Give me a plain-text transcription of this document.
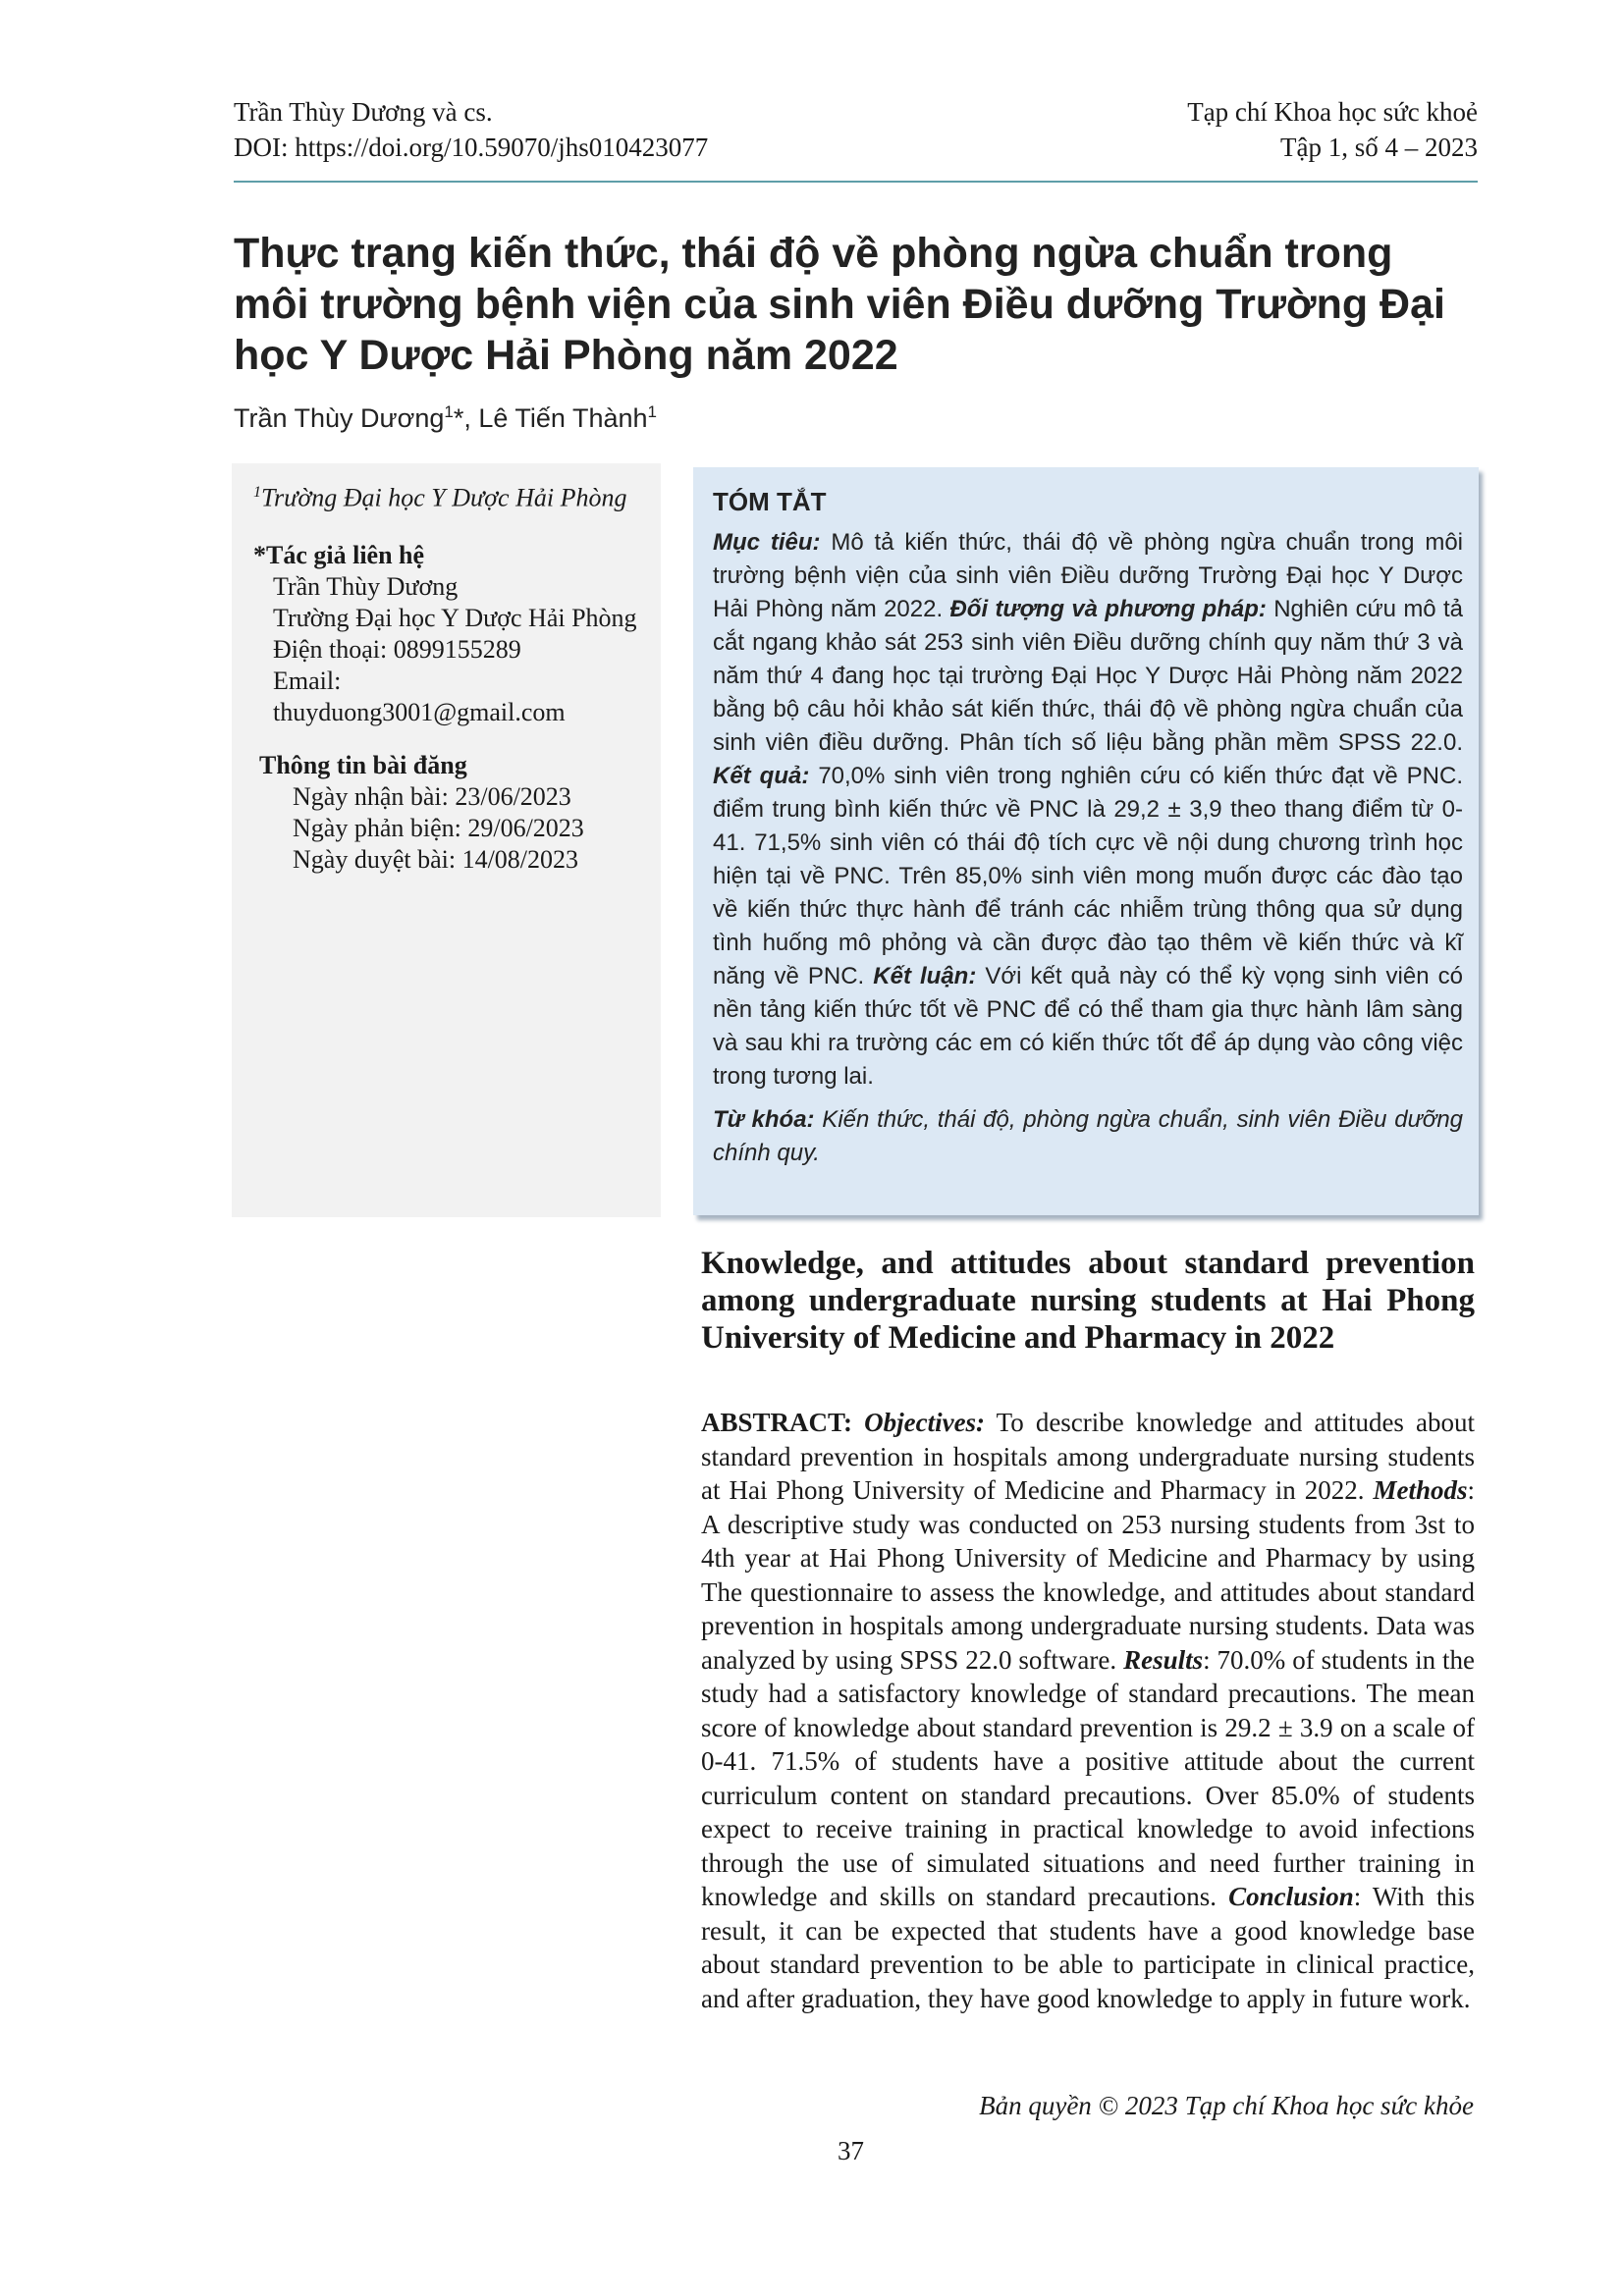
Trần Thùy Dương và cs.
DOI: https://doi.org/10.59070/jhs010423077
Tạp chí Khoa học sức khoẻ
Tập 1, số 4 – 2023
Thực trạng kiến thức, thái độ về phòng ngừa chuẩn trong môi trường bệnh viện của sinh viên Điều dưỡng Trường Đại học Y Dược Hải Phòng năm 2022
Trần Thùy Dương$^1$*, Lê Tiến Thành$^1$
$^1$Trường Đại học Y Dược Hải Phòng
*Tác giả liên hệ
Trần Thùy Dương
Trường Đại học Y Dược Hải Phòng
Điện thoại: 0899155289
Email:
thuyduong3001@gmail.com
Thông tin bài đăng
Ngày nhận bài: 23/06/2023
Ngày phản biện: 29/06/2023
Ngày duyệt bài: 14/08/2023
TÓM TẮT

Mục tiêu: Mô tả kiến thức, thái độ về phòng ngừa chuẩn trong môi trường bệnh viện của sinh viên Điều dưỡng Trường Đại học Y Dược Hải Phòng năm 2022. Đối tượng và phương pháp: Nghiên cứu mô tả cắt ngang khảo sát 253 sinh viên Điều dưỡng chính quy năm thứ 3 và năm thứ 4 đang học tại trường Đại Học Y Dược Hải Phòng năm 2022 bằng bộ câu hỏi khảo sát kiến thức, thái độ về phòng ngừa chuẩn của sinh viên điều dưỡng. Phân tích số liệu bằng phần mềm SPSS 22.0. Kết quả: 70,0% sinh viên trong nghiên cứu có kiến thức đạt về PNC. điểm trung bình kiến thức về PNC là 29,2 ± 3,9 theo thang điểm từ 0-41. 71,5% sinh viên có thái độ tích cực về nội dung chương trình học hiện tại về PNC. Trên 85,0% sinh viên mong muốn được các đào tạo về kiến thức thực hành để tránh các nhiễm trùng thông qua sử dụng tình huống mô phỏng và cần được đào tạo thêm về kiến thức và kĩ năng về PNC. Kết luận: Với kết quả này có thể kỳ vọng sinh viên có nền tảng kiến thức tốt về PNC để có thể tham gia thực hành lâm sàng và sau khi ra trường các em có kiến thức tốt để áp dụng vào công việc trong tương lai.

Từ khóa: Kiến thức, thái độ, phòng ngừa chuẩn, sinh viên Điều dưỡng chính quy.

Knowledge, and attitudes about standard prevention among undergraduate nursing students at Hai Phong University of Medicine and Pharmacy in 2022

ABSTRACT: Objectives: To describe knowledge and attitudes about standard prevention in hospitals among undergraduate nursing students at Hai Phong University of Medicine and Pharmacy in 2022. Methods: A descriptive study was conducted on 253 nursing students from 3st to 4th year at Hai Phong University of Medicine and Pharmacy by using The questionnaire to assess the knowledge, and attitudes about standard prevention in hospitals among undergraduate nursing students. Data was analyzed by using SPSS 22.0 software. Results: 70.0% of students in the study had a satisfactory knowledge of standard precautions. The mean score of knowledge about standard prevention is 29.2 ± 3.9 on a scale of 0-41. 71.5% of students have a positive attitude about the current curriculum content on standard precautions. Over 85.0% of students expect to receive training in practical knowledge to avoid infections through the use of simulated situations and need further training in knowledge and skills on standard precautions. Conclusion: With this result, it can be expected that students have a good knowledge base about standard prevention to be able to participate in clinical practice, and after graduation, they have good knowledge to apply in future work.

Bản quyền © 2023 Tạp chí Khoa học sức khỏe
37
